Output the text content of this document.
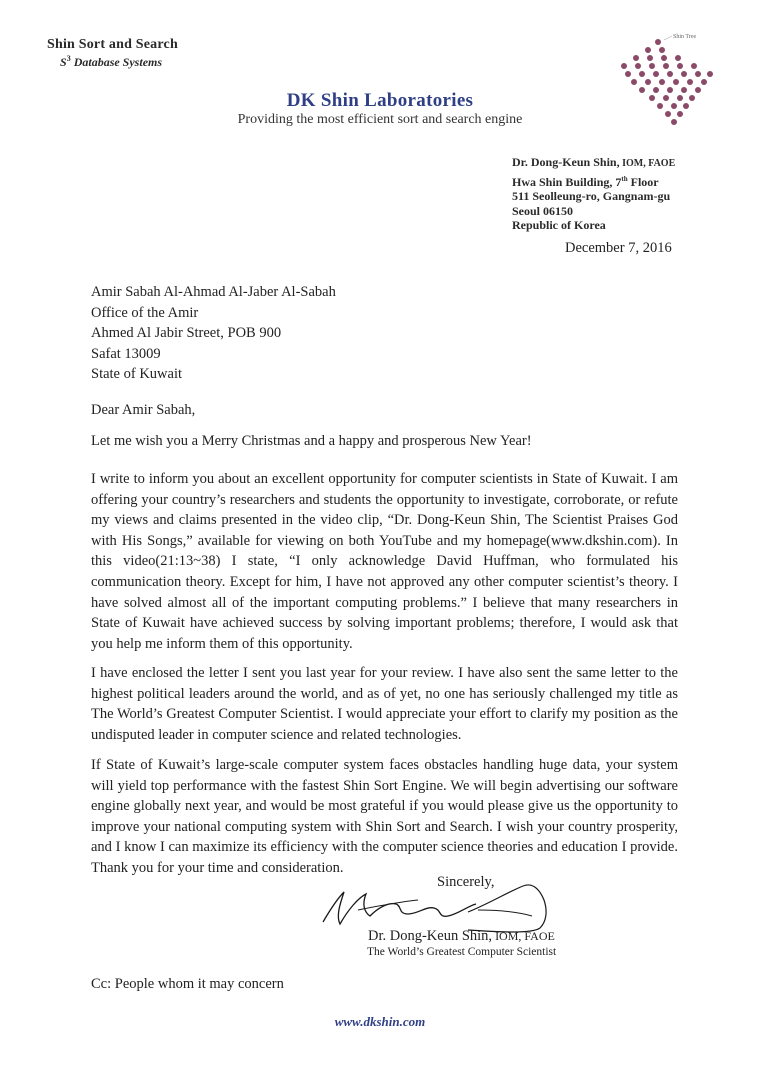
Shin Sort and Search
$S^3$ Database Systems
DK Shin Laboratories
Providing the most efficient sort and search engine
Shin Tree
Dr. Dong-Keun Shin, IOM, FAOE
Hwa Shin Building, 7th Floor
511 Seolleung-ro, Gangnam-gu
Seoul 06150
Republic of Korea
December 7, 2016
Amir Sabah Al-Ahmad Al-Jaber Al-Sabah
Office of the Amir
Ahmed Al Jabir Street, POB 900
Safat 13009
State of Kuwait
Dear Amir Sabah,
Let me wish you a Merry Christmas and a happy and prosperous New Year!
I write to inform you about an excellent opportunity for computer scientists in State of Kuwait. I am offering your country’s researchers and students the opportunity to investigate, corroborate, or refute my views and claims presented in the video clip, “Dr. Dong-Keun Shin, The Scientist Praises God with His Songs,” available for viewing on both YouTube and my homepage(www.dkshin.com). In this video(21:13~38) I state, “I only acknowledge David Huffman, who formulated his communication theory. Except for him, I have not approved any other computer scientist’s theory. I have solved almost all of the important computing problems.” I believe that many researchers in State of Kuwait have achieved success by solving important problems; therefore, I would ask that you help me inform them of this opportunity.
I have enclosed the letter I sent you last year for your review. I have also sent the same letter to the highest political leaders around the world, and as of yet, no one has seriously challenged my title as The World’s Greatest Computer Scientist. I would appreciate your effort to clarify my position as the undisputed leader in computer science and related technologies.
If State of Kuwait’s large-scale computer system faces obstacles handling huge data, your system will yield top performance with the fastest Shin Sort Engine. We will begin advertising our software engine globally next year, and would be most grateful if you would please give us the opportunity to improve your national computing system with Shin Sort and Search. I wish your country prosperity, and I know I can maximize its efficiency with the computer science theories and education I provide. Thank you for your time and consideration.
Sincerely,
Dr. Dong-Keun Shin, IOM, FAOE
The World’s Greatest Computer Scientist
Cc: People whom it may concern
www.dkshin.com
